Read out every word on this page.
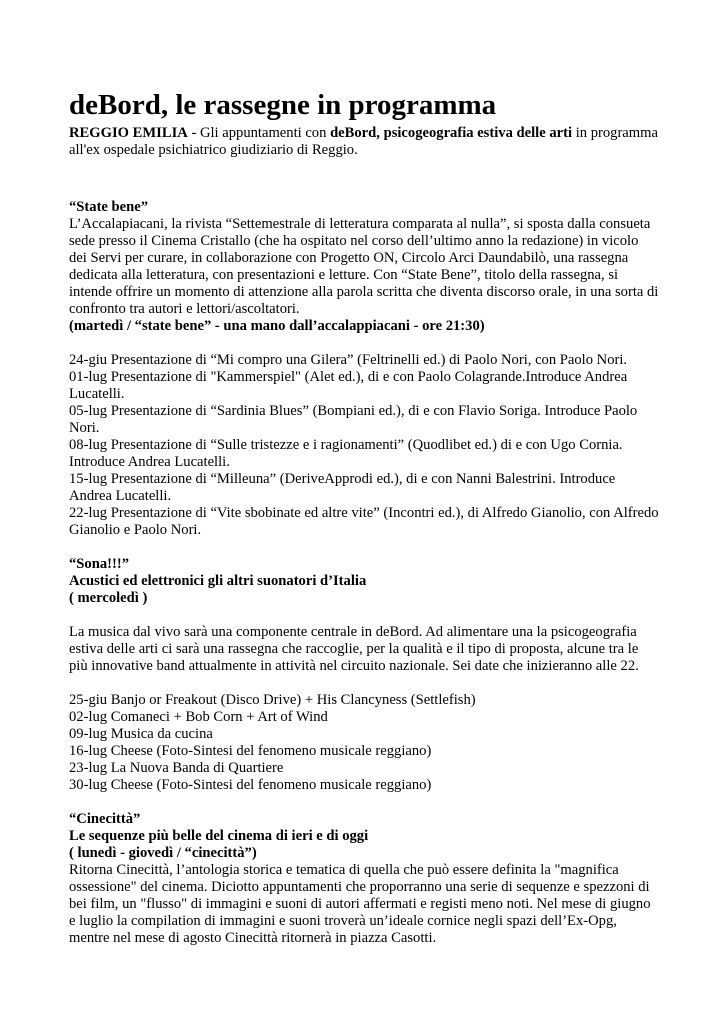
deBord, le rassegne in programma

REGGIO EMILIA - Gli appuntamenti con deBord, psicogeografia estiva delle arti in programma all'ex ospedale psichiatrico giudiziario di Reggio.

“State bene”

L’Accalapiacani, la rivista “Settemestrale di letteratura comparata al nulla”, si sposta dalla consueta sede presso il Cinema Cristallo (che ha ospitato nel corso dell’ultimo anno la redazione) in vicolo dei Servi per curare, in collaborazione con Progetto ON, Circolo Arci Daundabilò, una rassegna dedicata alla letteratura, con presentazioni e letture. Con “State Bene”, titolo della rassegna, si intende offrire un momento di attenzione alla parola scritta che diventa discorso orale, in una sorta di confronto tra autori e lettori/ascoltatori.

(martedì / “state bene” - una mano dall’accalappiacani - ore 21:30)

24-giu Presentazione di “Mi compro una Gilera” (Feltrinelli ed.) di Paolo Nori, con Paolo Nori.

01-lug Presentazione di "Kammerspiel" (Alet ed.), di e con Paolo Colagrande.Introduce Andrea Lucatelli.

05-lug Presentazione di “Sardinia Blues” (Bompiani ed.), di e con Flavio Soriga. Introduce Paolo Nori.

08-lug Presentazione di “Sulle tristezze e i ragionamenti” (Quodlibet ed.) di e con Ugo Cornia. Introduce Andrea Lucatelli.

15-lug Presentazione di “Milleuna” (DeriveApprodi ed.), di e con Nanni Balestrini. Introduce Andrea Lucatelli.

22-lug Presentazione di “Vite sbobinate ed altre vite” (Incontri ed.), di Alfredo Gianolio, con Alfredo Gianolio e Paolo Nori.

“Sona!!!”

Acustici ed elettronici gli altri suonatori d’Italia

( mercoledì )

La musica dal vivo sarà una componente centrale in deBord. Ad alimentare una la psicogeografia estiva delle arti ci sarà una rassegna che raccoglie, per la qualità e il tipo di proposta, alcune tra le più innovative band attualmente in attività nel circuito nazionale. Sei date che inizieranno alle 22.

25-giu Banjo or Freakout (Disco Drive) + His Clancyness (Settlefish)

02-lug Comaneci + Bob Corn + Art of Wind

09-lug Musica da cucina

16-lug Cheese (Foto-Sintesi del fenomeno musicale reggiano)

23-lug La Nuova Banda di Quartiere

30-lug Cheese (Foto-Sintesi del fenomeno musicale reggiano)

“Cinecittà”

Le sequenze più belle del cinema di ieri e di oggi

( lunedì - giovedì / “cinecittà”)

Ritorna Cinecittà, l’antologia storica e tematica di quella che può essere definita la "magnifica ossessione" del cinema. Diciotto appuntamenti che proporranno una serie di sequenze e spezzoni di bei film, un "flusso" di immagini e suoni di autori affermati e registi meno noti. Nel mese di giugno e luglio la compilation di immagini e suoni troverà un’ideale cornice negli spazi dell’Ex-Opg, mentre nel mese di agosto Cinecittà ritornerà in piazza Casotti.
